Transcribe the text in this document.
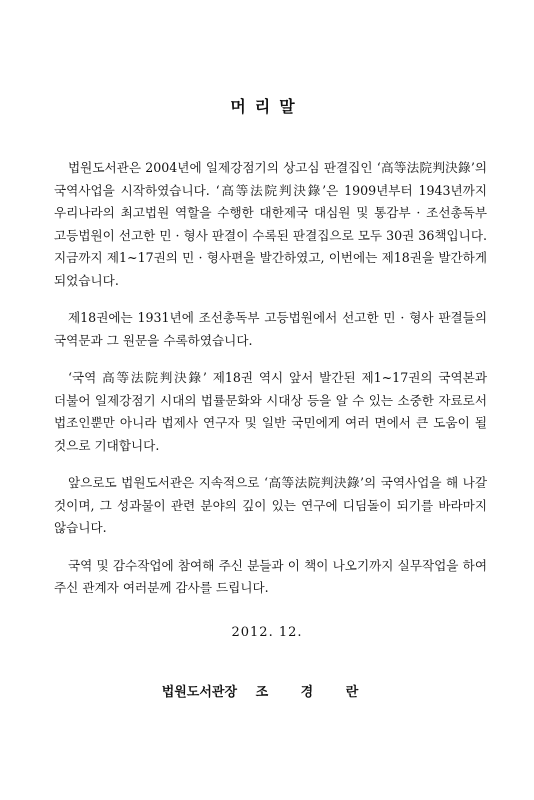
머리말

법원도서관은 2004년에 일제강점기의 상고심 판결집인 ‘高等法院判決錄’의 국역사업을 시작하였습니다. ‘高等法院判決錄’은 1909년부터 1943년까지 우리나라의 최고법원 역할을 수행한 대한제국 대심원 및 통감부 · 조선총독부 고등법원이 선고한 민 · 형사 판결이 수록된 판결집으로 모두 30권 36책입니다. 지금까지 제1~17권의 민 · 형사편을 발간하였고, 이번에는 제18권을 발간하게 되었습니다.

제18권에는 1931년에 조선총독부 고등법원에서 선고한 민 · 형사 판결들의 국역문과 그 원문을 수록하였습니다.

‘국역 高等法院判決錄’ 제18권 역시 앞서 발간된 제1~17권의 국역본과 더불어 일제강점기 시대의 법률문화와 시대상 등을 알 수 있는 소중한 자료로서 법조인뿐만 아니라 법제사 연구자 및 일반 국민에게 여러 면에서 큰 도움이 될 것으로 기대합니다.

앞으로도 법원도서관은 지속적으로 ‘高等法院判決錄’의 국역사업을 해 나갈 것이며, 그 성과물이 관련 분야의 깊이 있는 연구에 디딤돌이 되기를 바라마지 않습니다.

국역 및 감수작업에 참여해 주신 분들과 이 책이 나오기까지 실무작업을 하여 주신 관계자 여러분께 감사를 드립니다.

2012. 12.

법원도서관장 조 경 란
